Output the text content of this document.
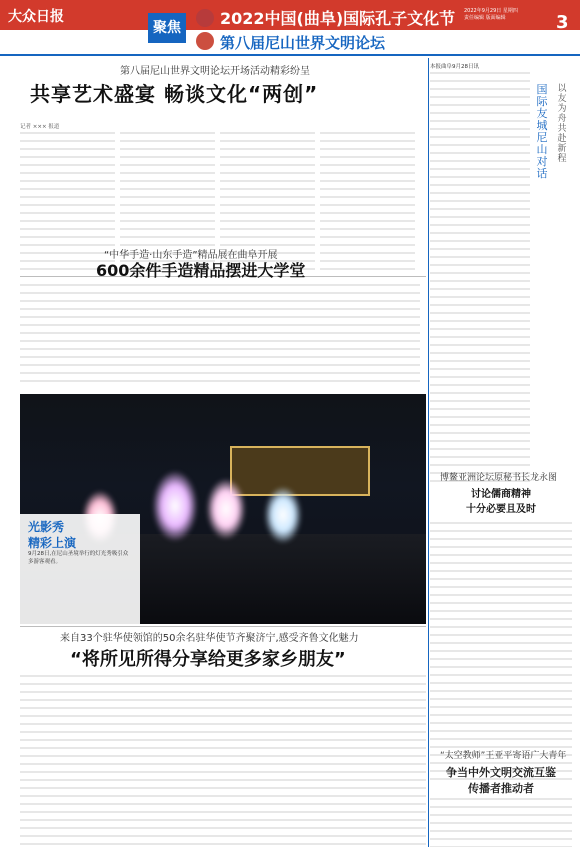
大众日报
聚焦	2022中国(曲阜)国际孔子文化节
第八届尼山世界文明论坛
2022年9月29日 星期四
责任编辑 版面编辑	3
第八届尼山世界文明论坛开场活动精彩纷呈
共享艺术盛宴 畅谈文化“两创”
记者 ××× 报道
本报曲阜9月28日讯
国际友城尼山对话
以友为舟 共赴新程
博鳌亚洲论坛原秘书长龙永图
讨论儒商精神
十分必要且及时
“太空教师”王亚平寄语广大青年
争当中外文明交流互鉴
传播者推动者
“中华手造·山东手造”精品展在曲阜开展
600余件手造精品摆进大学堂
光影秀
精彩上演
9月28日,在尼山圣境举行的灯光秀吸引众多游客观看。
来自33个驻华使领馆的50余名驻华使节齐聚济宁,感受齐鲁文化魅力
“将所见所得分享给更多家乡朋友”
